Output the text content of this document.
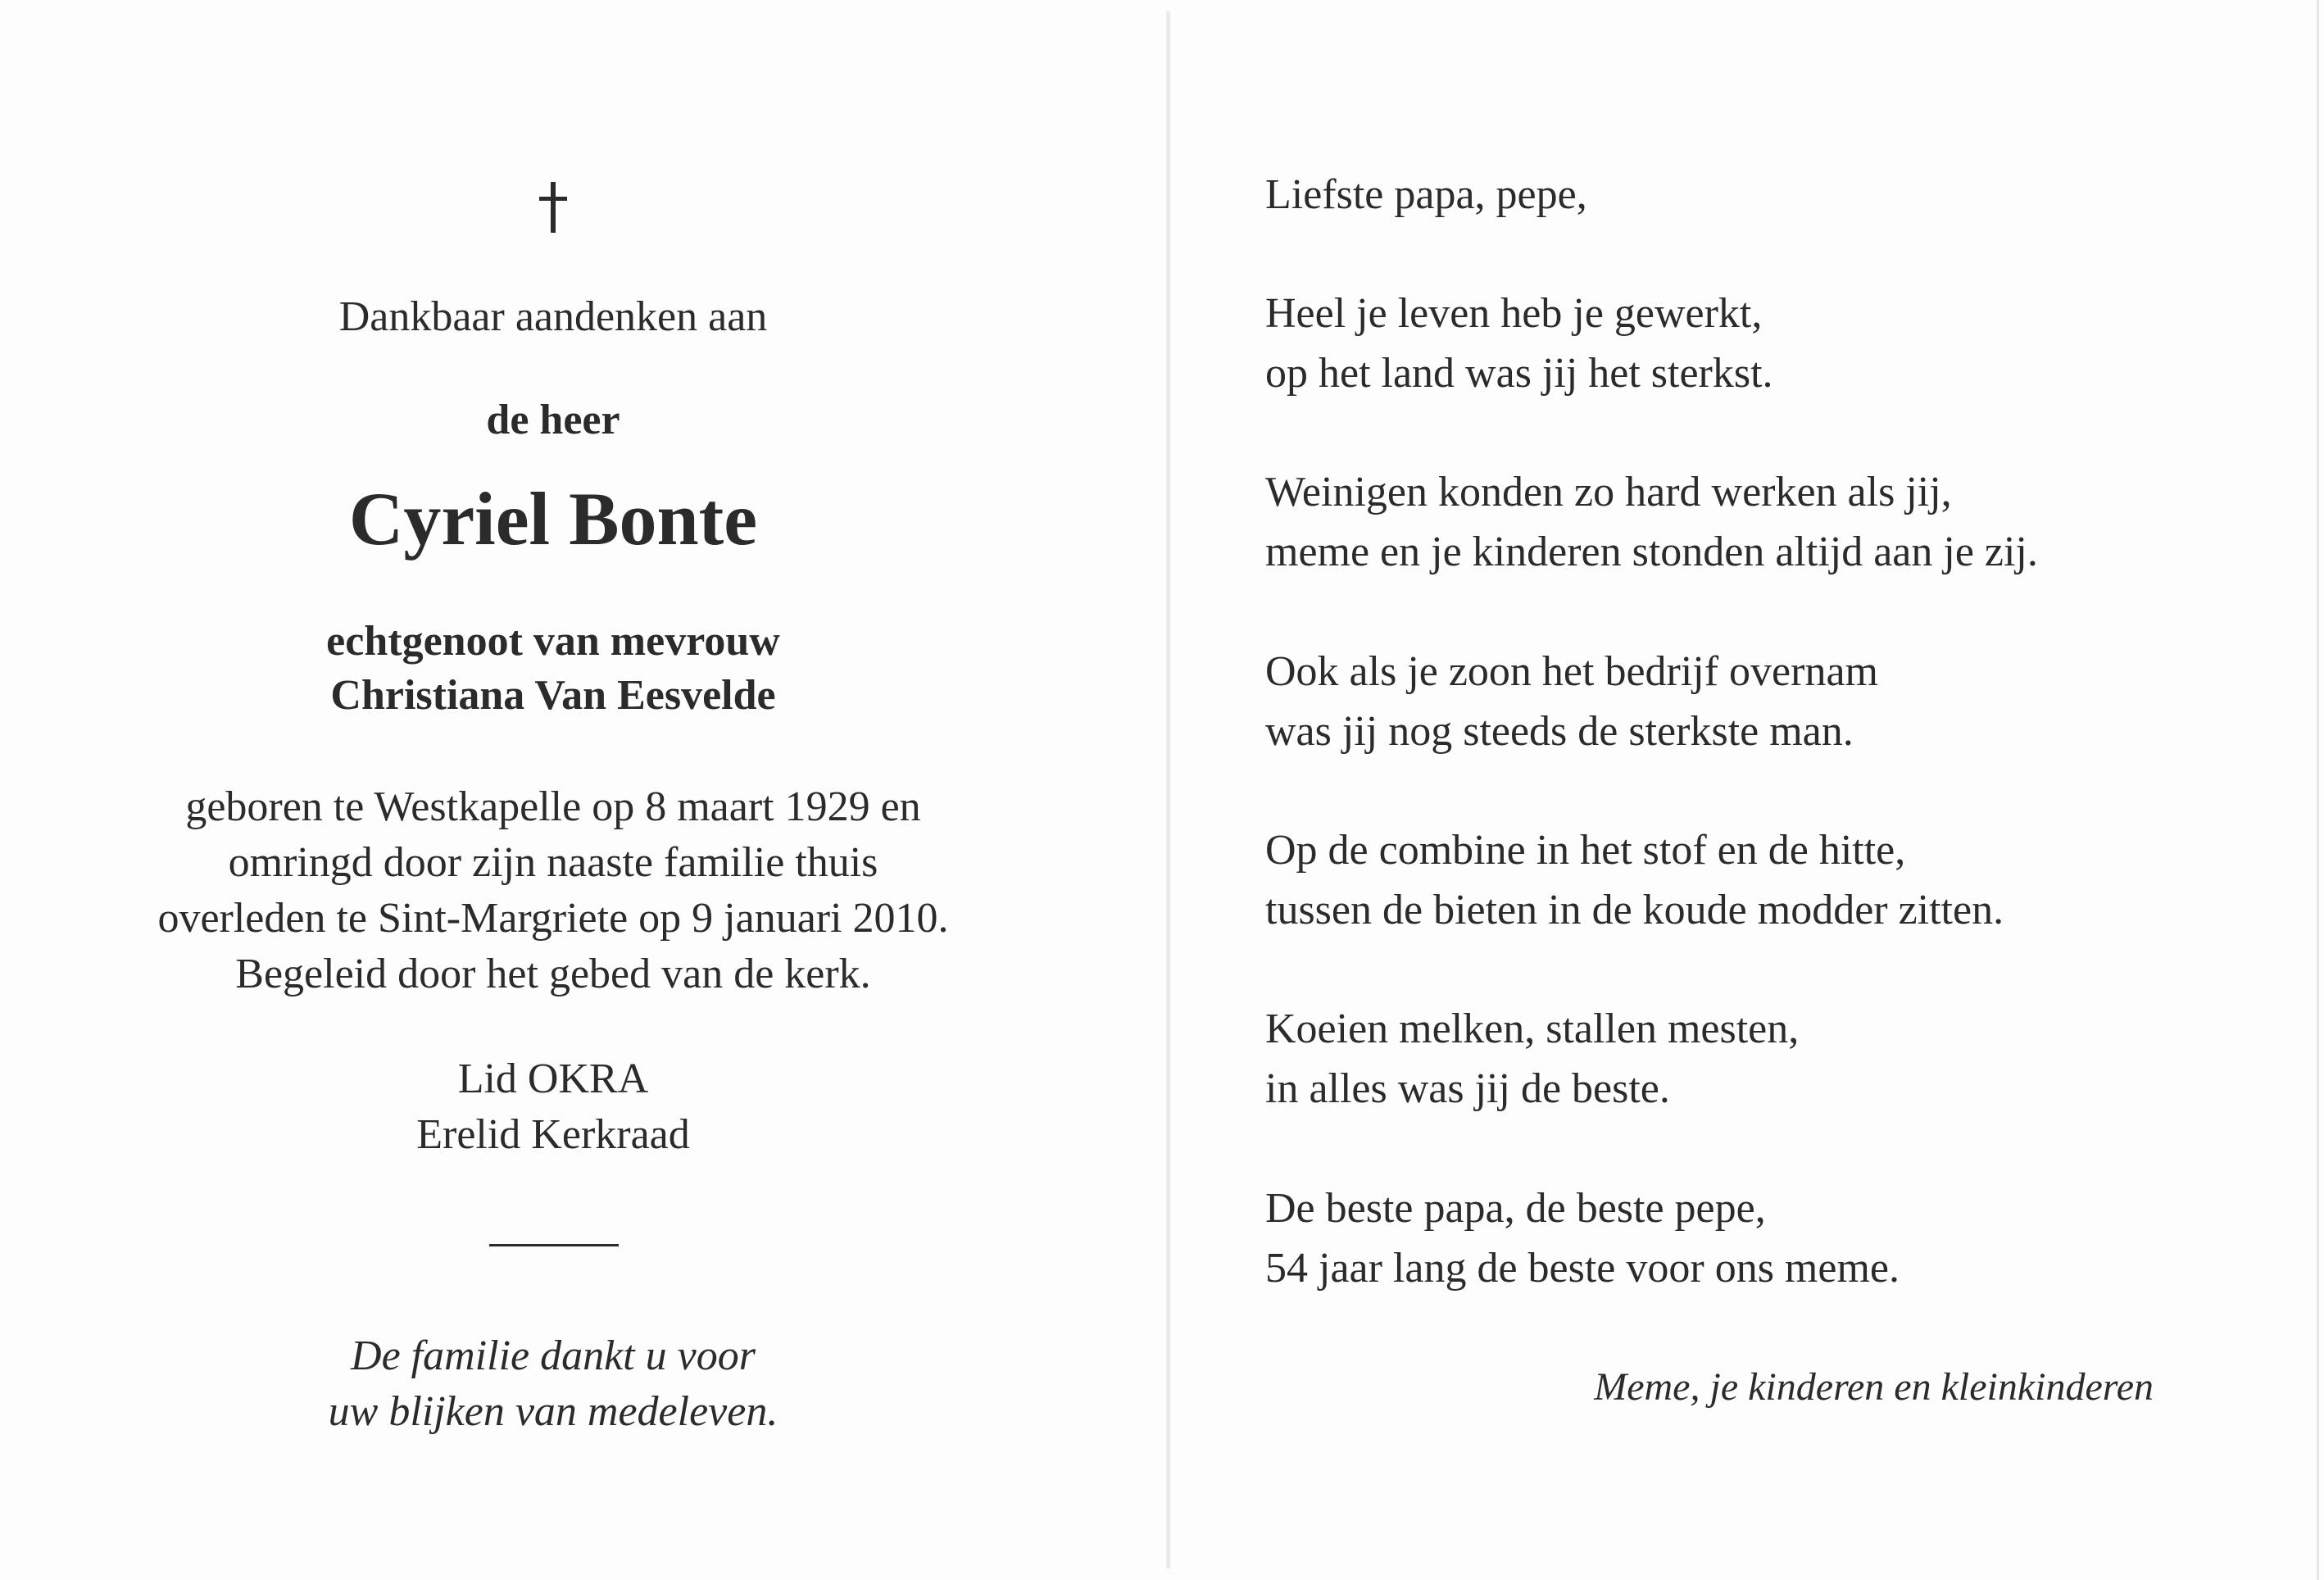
Dankbaar aandenken aan
de heer
Cyriel Bonte
echtgenoot van mevrouw
Christiana Van Eesvelde
geboren te Westkapelle op 8 maart 1929 en
omringd door zijn naaste familie thuis
overleden te Sint-Margriete op 9 januari 2010.
Begeleid door het gebed van de kerk.
Lid OKRA
Erelid Kerkraad
De familie dankt u voor
uw blijken van medeleven.
Liefste papa, pepe,
Heel je leven heb je gewerkt,
op het land was jij het sterkst.
Weinigen konden zo hard werken als jij,
meme en je kinderen stonden altijd aan je zij.
Ook als je zoon het bedrijf overnam
was jij nog steeds de sterkste man.
Op de combine in het stof en de hitte,
tussen de bieten in de koude modder zitten.
Koeien melken, stallen mesten,
in alles was jij de beste.
De beste papa, de beste pepe,
54 jaar lang de beste voor ons meme.
Meme, je kinderen en kleinkinderen
